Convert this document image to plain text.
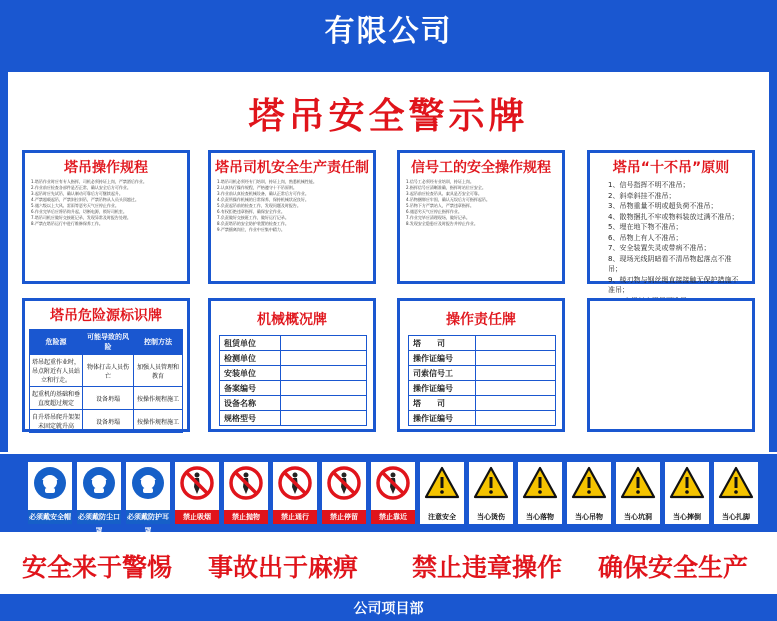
有限公司
塔吊安全警示牌
塔吊操作规程
1.塔吊作业时应有专人指挥，司机必须持证上岗，严禁酒后作业。
2.作业前应检查各部件是否正常，确认安全后方可作业。
3.起吊时应先试吊，确认制动可靠后方可继续起升。
4.严禁超载起吊，严禁斜拉斜吊，严禁吊物从人员头顶越过。
5.遇六级以上大风、雷雨等恶劣天气应停止作业。
6.作业完毕后应将吊钩升起，切断电源，锁好司机室。
7.塔吊司机应做好交接班记录，发现异常及时报告处理。
8.严禁在塔吊运行中进行维修保养工作。
塔吊司机安全生产责任制
1.塔吊司机必须经专门培训，持证上岗，熟悉机械性能。
2.认真执行操作规程，严格遵守十不吊原则。
3.作业前认真检查机械设备，确认正常后方可作业。
4.负责所操作机械的日常保养，保持机械状况良好。
5.负责起吊前的检查工作，发现问题及时报告。
6.有权拒绝违章指挥，确保安全作业。
7.负责做好交接班工作，做好运行记录。
8.负责塔吊的安全防护装置的检查工作。
9.严禁擅离岗位，作业中应集中精力。
信号工的安全操作规程
1.信号工必须经专业培训，持证上岗。
2.指挥信号应清晰准确，指挥时站位应安全。
3.起吊前应检查吊具、索具是否安全可靠。
4.吊物捆绑应牢固，确认无误后方可指挥起吊。
5.吊物下方严禁站人，严禁违章指挥。
6.遇恶劣天气应停止指挥作业。
7.作业完毕应清理现场，做好记录。
8.发现安全隐患应及时报告并停止作业。
塔吊“十不吊”原则
1、信号指挥不明不准吊；
2、斜牵斜挂不准吊；
3、吊物重量不明或超负荷不准吊；
4、散物捆扎不牢或物料装放过满不准吊；
5、埋在地下物不准吊；
6、吊物上有人不准吊；
7、安全装置失灵或带病不准吊；
8、现场光线阴暗看不清吊物起落点不准吊；
9、棱刃物与钢丝绳直接接触无保护措施不准吊；
塔吊危险源标识牌
危险源	可能导致的风险	控制方法
塔吊起重作业时，吊点附近有人员站立和行走。	物体打击人员伤亡	加强人员管理和教育
起重机的基础和垂直度超过规定	设备坍塌	按操作规程施工
自升塔吊爬升架架未固定就升高	设备坍塌	按操作规程施工
机械概况牌
租赁单位	
检测单位	
安装单位	
备案编号	
设备名称	
规格型号	
操作责任牌
塔　　司	
操作证编号	
司索信号工	
操作证编号	
塔　　司	
操作证编号	
必须戴安全帽 必须戴防尘口罩
必须戴防护耳罩
禁止吸烟	禁止抛物	禁止通行	禁止停留	禁止靠近	注意安全	当心烫伤	当心落物	当心吊物	当心坑洞	当心摔倒	当心扎脚
安全来于警惕 事故出于麻痹 禁止违章操作 确保安全生产
公司项目部
